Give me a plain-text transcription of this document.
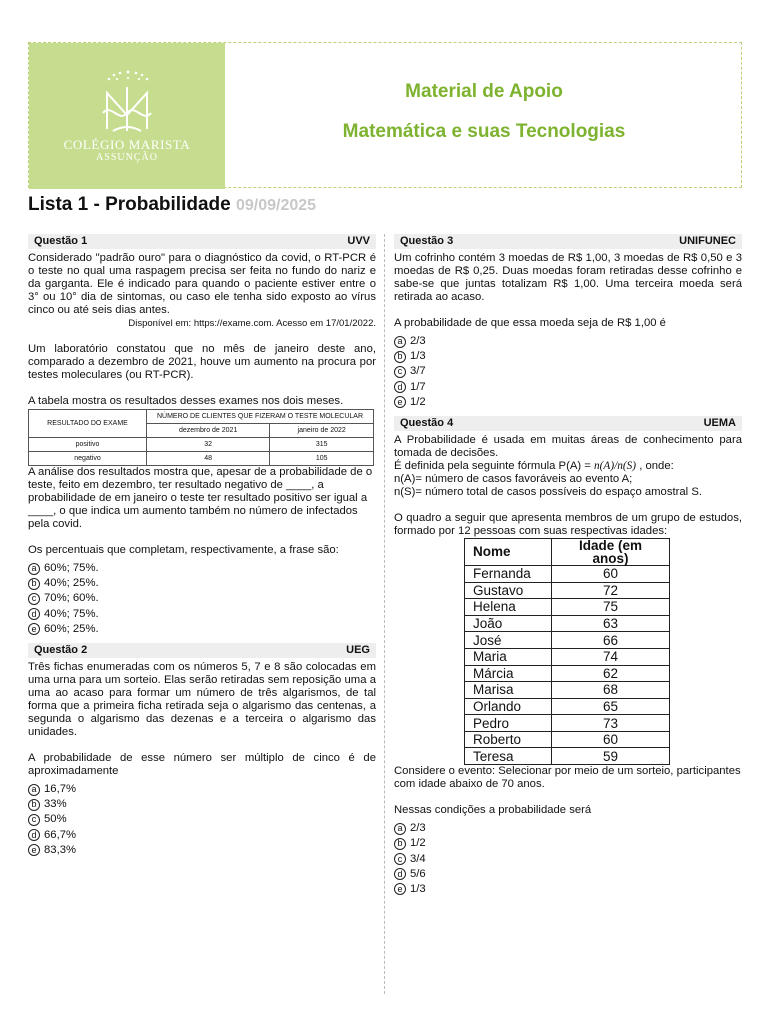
COLÉGIO MARISTA
ASSUNÇÃO
Material de Apoio
Matemática e suas Tecnologias
Lista 1 - Probabilidade 09/09/2025
Questão 1	UVV
Considerado "padrão ouro" para o diagnóstico da covid, o RT-PCR é o teste no qual uma raspagem precisa ser feita no fundo do nariz e da garganta. Ele é indicado para quando o paciente estiver entre o 3° ou 10° dia de sintomas, ou caso ele tenha sido exposto ao vírus cinco ou até seis dias antes.
Disponível em: https://exame.com. Acesso em 17/01/2022.
Um laboratório constatou que no mês de janeiro deste ano, comparado a dezembro de 2021, houve um aumento na procura por testes moleculares (ou RT-PCR).
A tabela mostra os resultados desses exames nos dois meses.
RESULTADO DO EXAME	NÚMERO DE CLIENTES QUE FIZERAM O TESTE MOLECULAR	
	dezembro de 2021	janeiro de 2022
positivo	32	315
negativo	48	105
A análise dos resultados mostra que, apesar de a probabilidade de o teste, feito em dezembro, ter resultado negativo de ____, a probabilidade de em janeiro o teste ter resultado positivo ser igual a ____, o que indica um aumento também no número de infectados pela covid.
Os percentuais que completam, respectivamente, a frase são:
a 60%; 75%.
b 40%; 25%.
c 70%; 60%.
d 40%; 75%.
e 60%; 25%.
Questão 2	UEG
Três fichas enumeradas com os números 5, 7 e 8 são colocadas em uma urna para um sorteio. Elas serão retiradas sem reposição uma a uma ao acaso para formar um número de três algarismos, de tal forma que a primeira ficha retirada seja o algarismo das centenas, a segunda o algarismo das dezenas e a terceira o algarismo das unidades.
A probabilidade de esse número ser múltiplo de cinco é de aproximadamente
a 16,7%
b 33%
c 50%
d 66,7%
e 83,3%
Questão 3	UNIFUNEC
Um cofrinho contém 3 moedas de R$ 1,00, 3 moedas de R$ 0,50 e 3 moedas de R$ 0,25. Duas moedas foram retiradas desse cofrinho e sabe-se que juntas totalizam R$ 1,00. Uma terceira moeda será retirada ao acaso.
A probabilidade de que essa moeda seja de R$ 1,00 é
a 2/3
b 1/3
c 3/7
d 1/7
e 1/2
Questão 4	UEMA
A Probabilidade é usada em muitas áreas de conhecimento para tomada de decisões.
É definida pela seguinte fórmula P(A) = n(A)/n(S) , onde:
n(A)= número de casos favoráveis ao evento A;
n(S)= número total de casos possíveis do espaço amostral S.
O quadro a seguir que apresenta membros de um grupo de estudos, formado por 12 pessoas com suas respectivas idades:
Nome	Idade (em anos)
Fernanda	60
Gustavo	72
Helena	75
João	63
José	66
Maria	74
Márcia	62
Marisa	68
Orlando	65
Pedro	73
Roberto	60
Teresa	59
Considere o evento: Selecionar por meio de um sorteio, participantes com idade abaixo de 70 anos.
Nessas condições a probabilidade será
a 2/3
b 1/2
c 3/4
d 5/6
e 1/3
